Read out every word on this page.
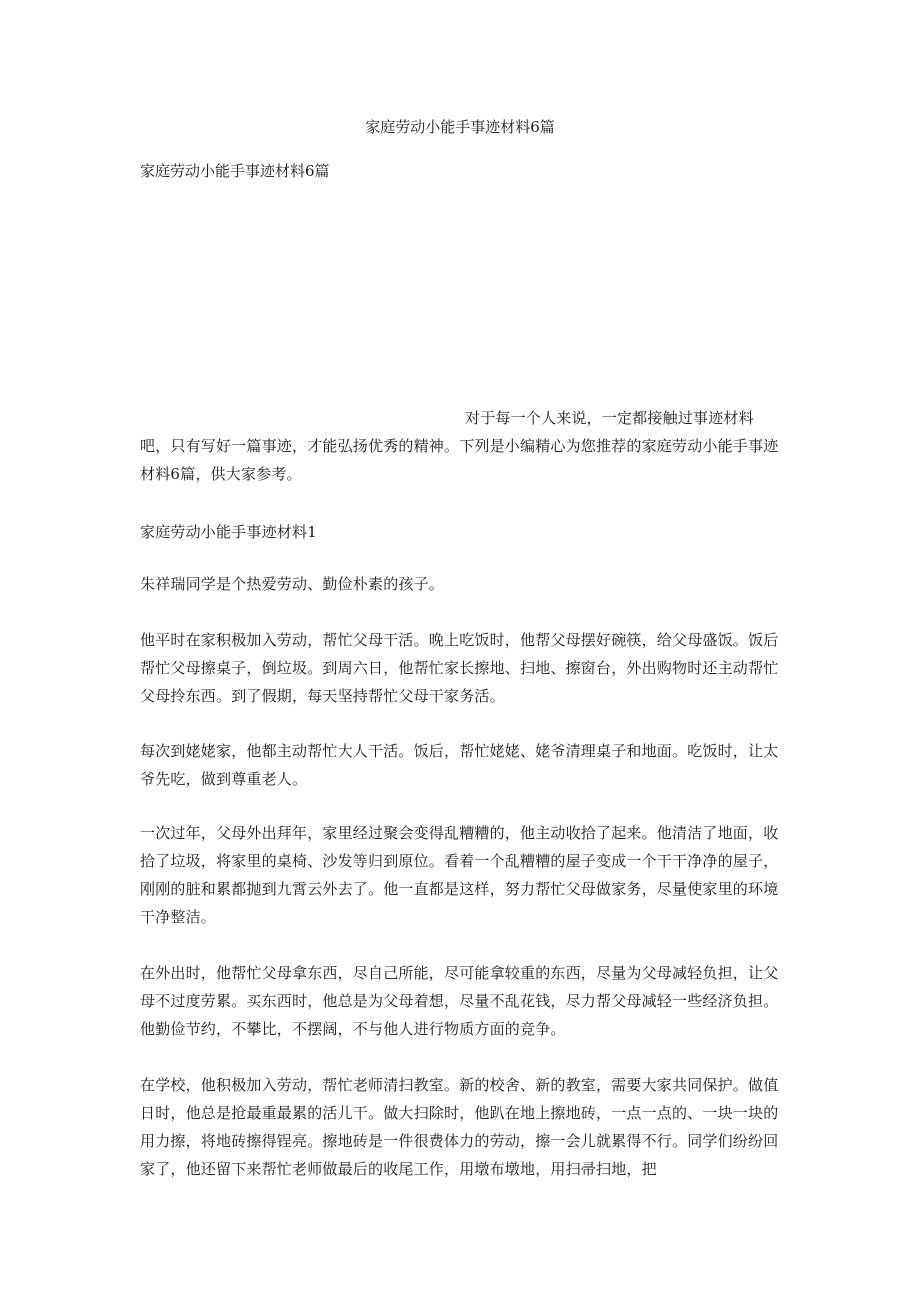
家庭劳动小能手事迹材料6篇

家庭劳动小能手事迹材料6篇

对于每一个人来说，一定都接触过事迹材料吧，只有写好一篇事迹，才能弘扬优秀的精神。下列是小编精心为您推荐的家庭劳动小能手事迹材料6篇，供大家参考。

家庭劳动小能手事迹材料1

朱祥瑞同学是个热爱劳动、勤俭朴素的孩子。

他平时在家积极加入劳动，帮忙父母干活。晚上吃饭时，他帮父母摆好碗筷，给父母盛饭。饭后帮忙父母擦桌子，倒垃圾。到周六日，他帮忙家长擦地、扫地、擦窗台，外出购物时还主动帮忙父母拎东西。到了假期，每天坚持帮忙父母干家务活。

每次到姥姥家，他都主动帮忙大人干活。饭后，帮忙姥姥、姥爷清理桌子和地面。吃饭时，让太爷先吃，做到尊重老人。

一次过年，父母外出拜年，家里经过聚会变得乱糟糟的，他主动收拾了起来。他清洁了地面，收拾了垃圾，将家里的桌椅、沙发等归到原位。看着一个乱糟糟的屋子变成一个干干净净的屋子，刚刚的脏和累都抛到九霄云外去了。他一直都是这样，努力帮忙父母做家务，尽量使家里的环境干净整洁。

在外出时，他帮忙父母拿东西，尽自己所能，尽可能拿较重的东西，尽量为父母减轻负担，让父母不过度劳累。买东西时，他总是为父母着想，尽量不乱花钱，尽力帮父母减轻一些经济负担。他勤俭节约，不攀比，不摆阔，不与他人进行物质方面的竞争。

在学校，他积极加入劳动，帮忙老师清扫教室。新的校舍、新的教室，需要大家共同保护。做值日时，他总是抢最重最累的活儿干。做大扫除时，他趴在地上擦地砖，一点一点的、一块一块的用力擦，将地砖擦得锃亮。擦地砖是一件很费体力的劳动，擦一会儿就累得不行。同学们纷纷回家了，他还留下来帮忙老师做最后的收尾工作，用墩布墩地，用扫帚扫地，把
